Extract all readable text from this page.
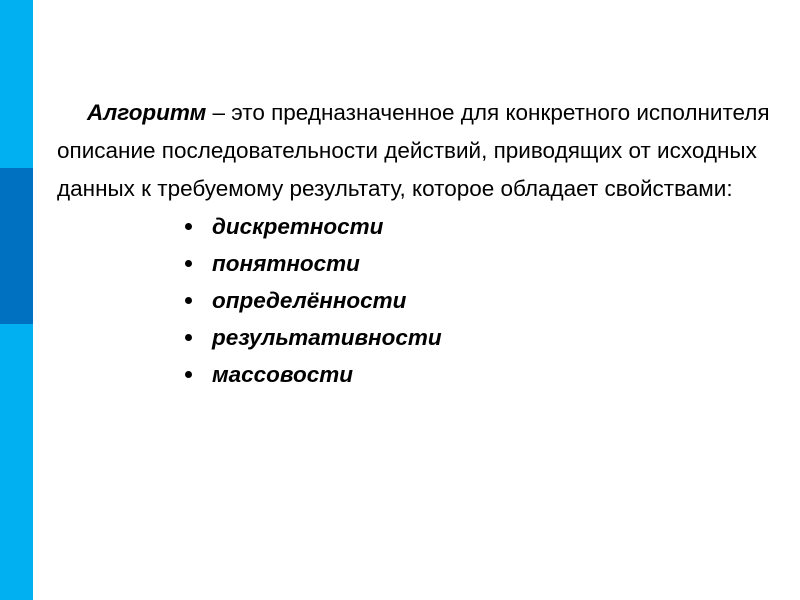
Алгоритм – это предназначенное для конкретного исполнителя описание последовательности действий, приводящих от исходных данных к требуемому результату, которое обладает свойствами:

дискретности
понятности
определённости
результативности
массовости
